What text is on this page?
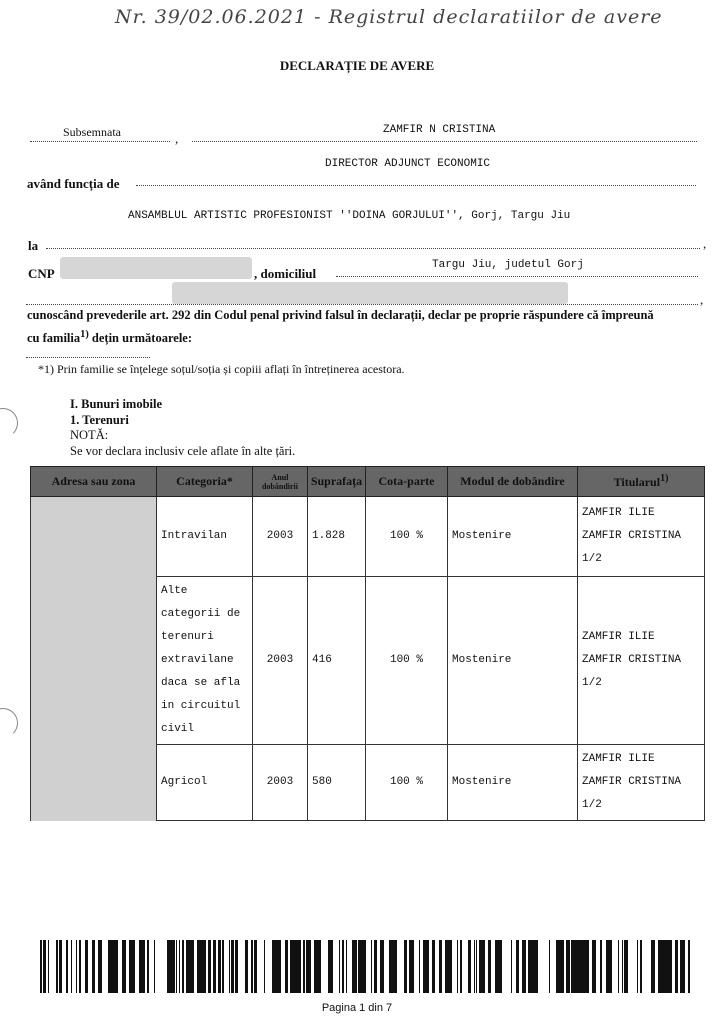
Nr. 39/02.06.2021 - Registrul declaratiilor de avere
DECLARAȚIE DE AVERE
Subsemnata	,
ZAMFIR N CRISTINA
DIRECTOR ADJUNCT ECONOMIC
având funcția de
ANSAMBLUL ARTISTIC PROFESIONIST ''DOINA GORJULUI'', Gorj, Targu Jiu
la	,
CNP	, domiciliul
Targu Jiu, judetul Gorj
,
cunoscând prevederile art. 292 din Codul penal privind falsul în declarații, declar pe proprie răspundere că împreună
cu familia$^{1)}$ dețin următoarele:
*1) Prin familie se înțelege soțul/soția și copiii aflați în întreținerea acestora.
I. Bunuri imobile
1. Terenuri
NOTĂ:
Se vor declara inclusiv cele aflate în alte țări.
Adresa sau zona	Categoria*	Anul dobândirii	Suprafața	Cota-parte	Modul de dobândire	Titularul$^{1)}$
	Intravilan	2003	1.828	100 %	Mostenire	ZAMFIR ILIE
ZAMFIR CRISTINA
1/2

	Alte categorii de terenuri extravilane daca se afla in circuitul civil	2003	416	100 %	Mostenire	ZAMFIR ILIE
ZAMFIR CRISTINA
1/2

	Agricol	2003	580	100 %	Mostenire	ZAMFIR ILIE
ZAMFIR CRISTINA
1/2
Pagina 1 din 7
